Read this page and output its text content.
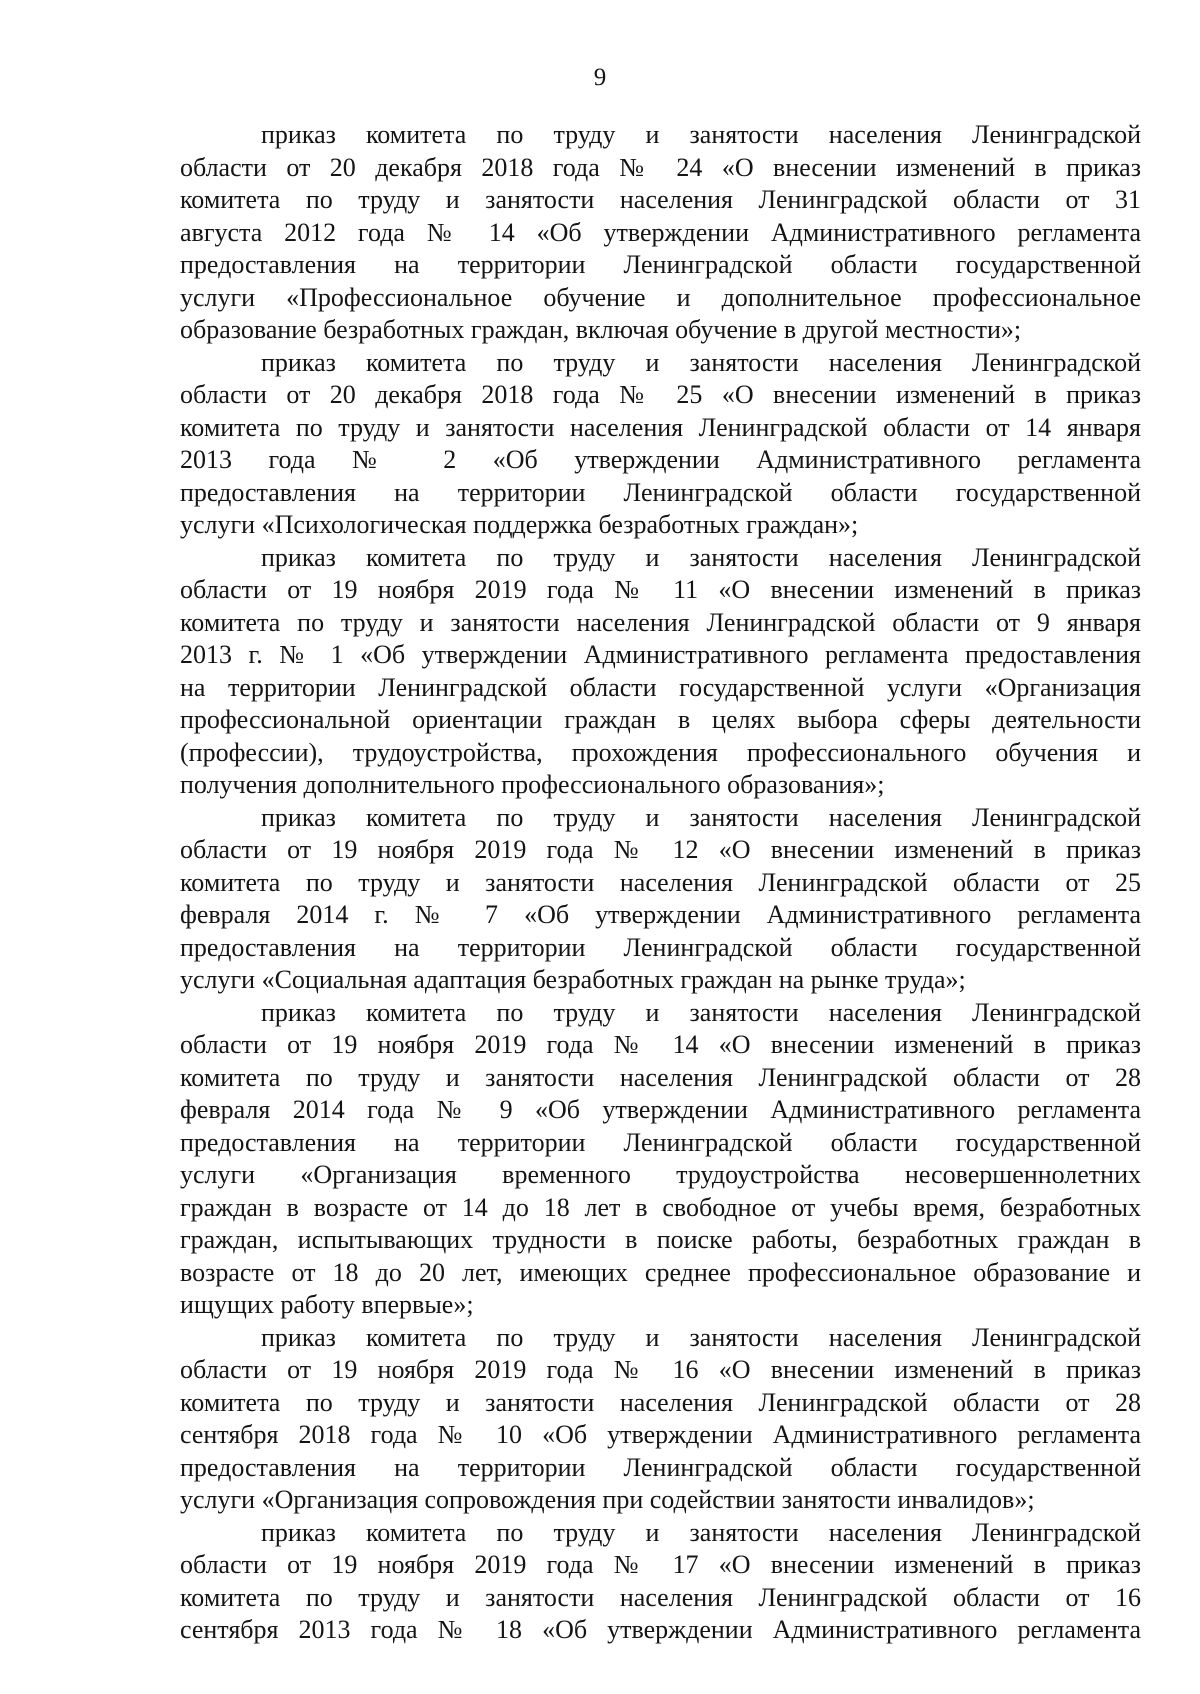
9

приказ комитета по труду и занятости населения Ленинградской
области от 20 декабря 2018 года № 24 «О внесении изменений в приказ
комитета по труду и занятости населения Ленинградской области от 31
августа 2012 года № 14 «Об утверждении Административного регламента
предоставления на территории Ленинградской области государственной
услуги «Профессиональное обучение и дополнительное профессиональное
образование безработных граждан, включая обучение в другой местности»;

приказ комитета по труду и занятости населения Ленинградской
области от 20 декабря 2018 года № 25 «О внесении изменений в приказ
комитета по труду и занятости населения Ленинградской области от 14 января
2013 года № 2 «Об утверждении Административного регламента
предоставления на территории Ленинградской области государственной
услуги «Психологическая поддержка безработных граждан»;

приказ комитета по труду и занятости населения Ленинградской
области от 19 ноября 2019 года № 11 «О внесении изменений в приказ
комитета по труду и занятости населения Ленинградской области от 9 января
2013 г. № 1 «Об утверждении Административного регламента предоставления
на территории Ленинградской области государственной услуги «Организация
профессиональной ориентации граждан в целях выбора сферы деятельности
(профессии), трудоустройства, прохождения профессионального обучения и
получения дополнительного профессионального образования»;

приказ комитета по труду и занятости населения Ленинградской
области от 19 ноября 2019 года № 12 «О внесении изменений в приказ
комитета по труду и занятости населения Ленинградской области от 25
февраля 2014 г. № 7 «Об утверждении Административного регламента
предоставления на территории Ленинградской области государственной
услуги «Социальная адаптация безработных граждан на рынке труда»;

приказ комитета по труду и занятости населения Ленинградской
области от 19 ноября 2019 года № 14 «О внесении изменений в приказ
комитета по труду и занятости населения Ленинградской области от 28
февраля 2014 года № 9 «Об утверждении Административного регламента
предоставления на территории Ленинградской области государственной
услуги «Организация временного трудоустройства несовершеннолетних
граждан в возрасте от 14 до 18 лет в свободное от учебы время, безработных
граждан, испытывающих трудности в поиске работы, безработных граждан в
возрасте от 18 до 20 лет, имеющих среднее профессиональное образование и
ищущих работу впервые»;

приказ комитета по труду и занятости населения Ленинградской
области от 19 ноября 2019 года № 16 «О внесении изменений в приказ
комитета по труду и занятости населения Ленинградской области от 28
сентября 2018 года № 10 «Об утверждении Административного регламента
предоставления на территории Ленинградской области государственной
услуги «Организация сопровождения при содействии занятости инвалидов»;

приказ комитета по труду и занятости населения Ленинградской
области от 19 ноября 2019 года № 17 «О внесении изменений в приказ
комитета по труду и занятости населения Ленинградской области от 16
сентября 2013 года № 18 «Об утверждении Административного регламента
